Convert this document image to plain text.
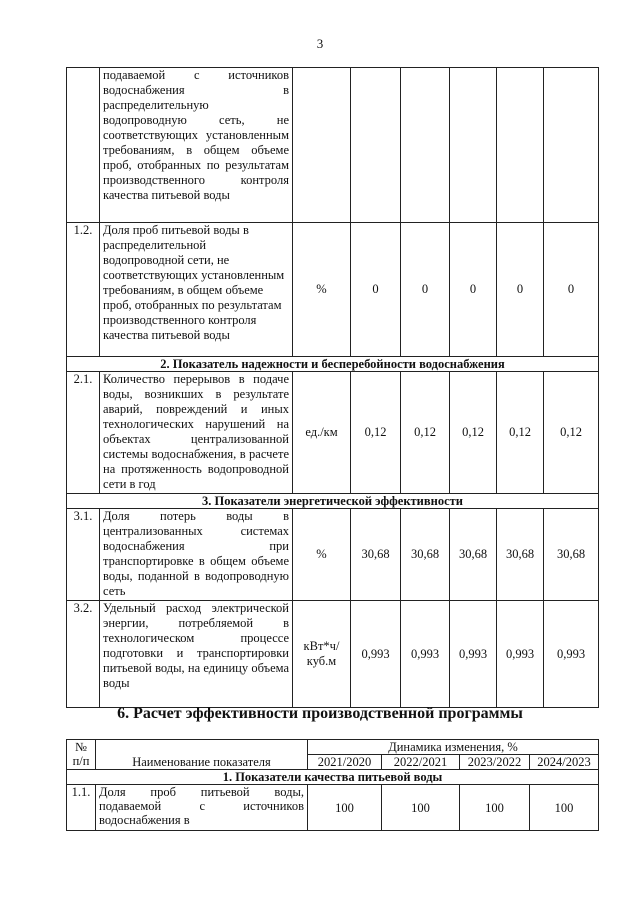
3
	подаваемой с источников водоснабжения в распределительную водопроводную сеть, не соответствующих установленным требованиям, в общем объеме проб, отобранных по результатам производственного контроля качества питьевой воды						
1.2.	Доля проб питьевой воды в распределительной водопроводной сети, не соответствующих установленным требованиям, в общем объеме проб, отобранных по результатам производственного контроля качества питьевой воды	%	0	0	0	0	0
2. Показатель надежности и бесперебойности водоснабжения							
2.1.	Количество перерывов в подаче воды, возникших в результате аварий, повреждений и иных технологических нарушений на объектах централизованной системы водоснабжения, в расчете на протяженность водопроводной сети в год	ед./км	0,12	0,12	0,12	0,12	0,12
3. Показатели энергетической эффективности							
3.1.	Доля потерь воды в централизованных системах водоснабжения при транспортировке в общем объеме воды, поданной в водопроводную сеть	%	30,68	30,68	30,68	30,68	30,68
3.2.	Удельный расход электрической энергии, потребляемой в технологическом процессе подготовки и транспортировки питьевой воды, на единицу объема воды	кВт*ч/ куб.м	0,993	0,993	0,993	0,993	0,993
6. Расчет эффективности производственной программы
№ п/п	Наименование показателя	Динамика изменения, %			
		2021/2020	2022/2021	2023/2022	2024/2023
1. Показатели качества питьевой воды					
1.1.	Доля проб питьевой воды, подаваемой с источников водоснабжения в	100	100	100	100
